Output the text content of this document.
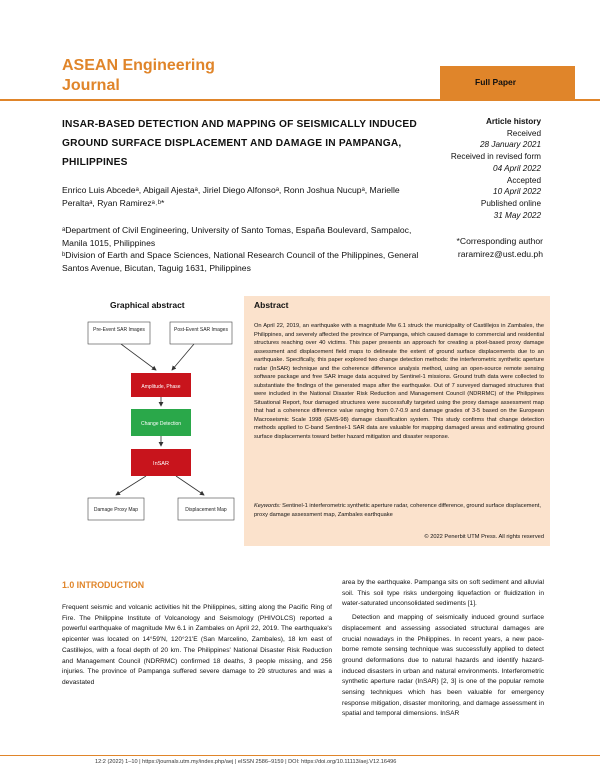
ASEAN Engineering
Journal	Full Paper
INSAR-BASED DETECTION AND MAPPING OF SEISMICALLY INDUCED GROUND SURFACE DISPLACEMENT AND DAMAGE IN PAMPANGA, PHILIPPINES
Article history
Received
28 January 2021
Received in revised form
04 April 2022
Accepted
10 April 2022
Published online
31 May 2022
Enrico Luis Abcedeᵃ, Abigail Ajestaᵃ, Jiriel Diego Alfonsoᵃ, Ronn Joshua Nucupᵃ, Marielle Peraltaᵃ, Ryan Ramirezᵃ˒ᵇ*
ᵃDepartment of Civil Engineering, University of Santo Tomas, España Boulevard, Sampaloc, Manila 1015, Philippines
ᵇDivision of Earth and Space Sciences, National Research Council of the Philippines, General Santos Avenue, Bicutan, Taguig 1631, Philippines
*Corresponding author
raramirez@ust.edu.ph
Graphical abstract
Pre-Event SAR Images	Post-Event SAR Images
Amplitude, Phase
Change Detection
InSAR
Damage Proxy Map	Displacement Map
Abstract
On April 22, 2019, an earthquake with a magnitude Mw 6.1 struck the municipality of Castillejos in Zambales, the Philippines, and severely affected the province of Pampanga, which caused damage to commercial and residential structures reaching over 40 victims. This paper presents an approach for creating a pixel-based proxy damage assessment and displacement field maps to delineate the extent of ground surface displacements due to an earthquake. Specifically, this paper explored two change detection methods: the interferometric synthetic aperture radar (InSAR) technique and the coherence difference analysis method, using an open-source remote sensing software package and free SAR image data acquired by Sentinel-1 missions. Ground truth data were collected to substantiate the findings of the generated maps after the earthquake. Out of 7 surveyed damaged structures that were included in the National Disaster Risk Reduction and Management Council (NDRRMC) of the Philippines Situational Report, four damaged structures were successfully targeted using the proxy damage assessment map that had a coherence difference value ranging from 0.7-0.9 and damage grades of 3-5 based on the European Macroseismic Scale 1998 (EMS-98) damage classification system. This study confirms that change detection methods applied to C-band Sentinel-1 SAR data are valuable for mapping damaged areas and estimating ground surface displacements toward better hazard mitigation and disaster response.
Keywords: Sentinel-1 interferometric synthetic aperture radar, coherence difference, ground surface displacement, proxy damage assessment map, Zambales earthquake
© 2022 Penerbit UTM Press. All rights reserved
1.0 INTRODUCTION
Frequent seismic and volcanic activities hit the Philippines, sitting along the Pacific Ring of Fire. The Philippine Institute of Volcanology and Seismology (PHIVOLCS) reported a powerful earthquake of magnitude Mw 6.1 in Zambales on April 22, 2019. The earthquake's epicenter was located on 14°59'N, 120°21'E (San Marcelino, Zambales), 18 km east of Castillejos, with a focal depth of 20 km. The Philippines' National Disaster Risk Reduction and Management Council (NDRRMC) confirmed 18 deaths, 3 people missing, and 256 injuries. The province of Pampanga suffered severe damage to 29 structures and was a devastated

area by the earthquake. Pampanga sits on soft sediment and alluvial soil. This soil type risks undergoing liquefaction or fluidization in water-saturated unconsolidated sediments [1].

Detection and mapping of seismically induced ground surface displacement and assessing associated structural damages are crucial nowadays in the Philippines. In recent years, a new pace-borne remote sensing technique was successfully applied to detect ground deformations due to natural hazards and identify hazard-induced disasters in urban and natural environments. Interferometric synthetic aperture radar (InSAR) [2, 3] is one of the popular remote sensing techniques which has been valuable for emergency response mitigation, disaster monitoring, and damage assessment in spatial and temporal dimensions. InSAR

12:2 (2022) 1–10 | https://journals.utm.my/index.php/aej | eISSN 2586–9159 | DOI: https://doi.org/10.11113/aej.V12.16496
